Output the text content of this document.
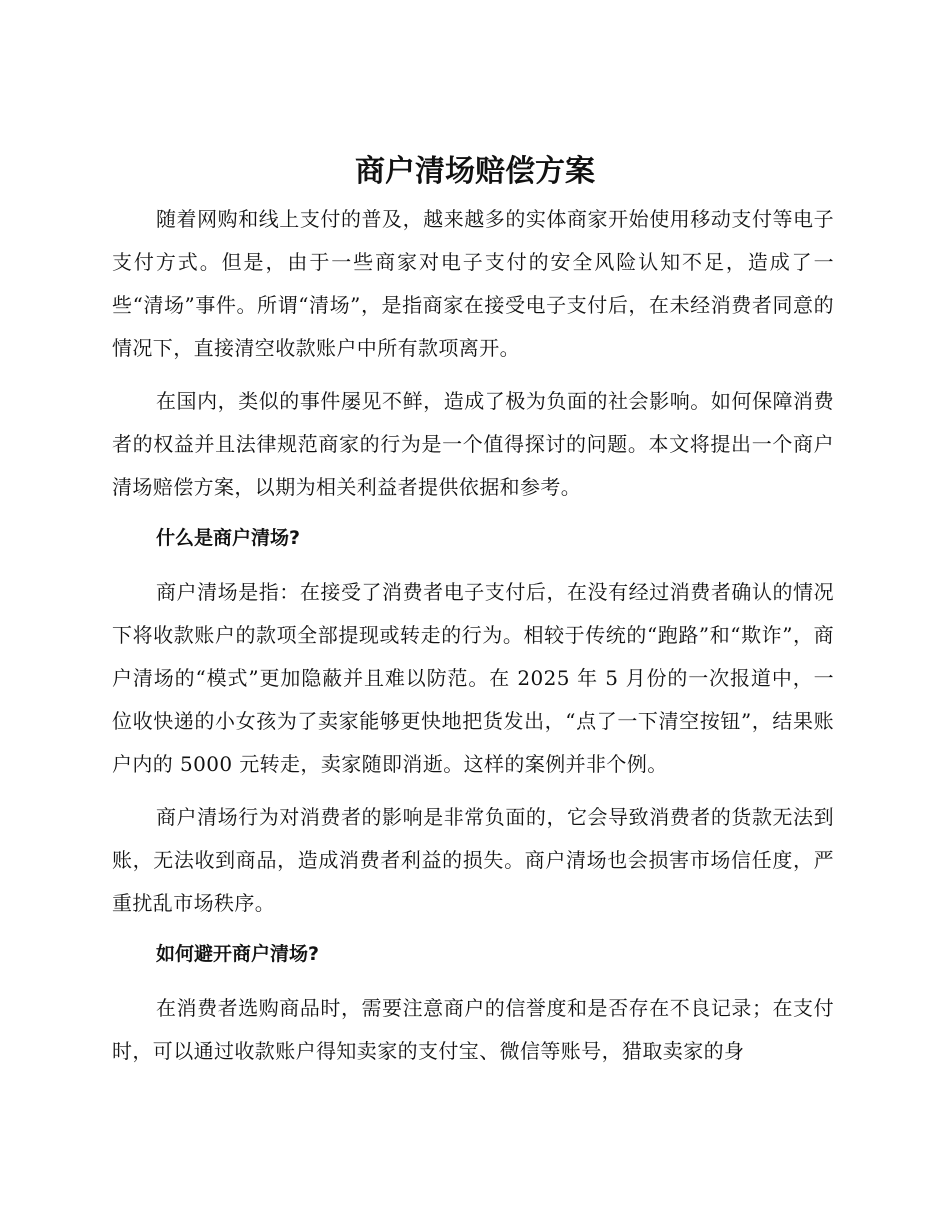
商户清场赔偿方案

随着网购和线上支付的普及，越来越多的实体商家开始使用移动支付等电子支付方式。但是，由于一些商家对电子支付的安全风险认知不足，造成了一些“清场”事件。所谓“清场”，是指商家在接受电子支付后，在未经消费者同意的情况下，直接清空收款账户中所有款项离开。

在国内，类似的事件屡见不鲜，造成了极为负面的社会影响。如何保障消费者的权益并且法律规范商家的行为是一个值得探讨的问题。本文将提出一个商户清场赔偿方案，以期为相关利益者提供依据和参考。

什么是商户清场?

商户清场是指：在接受了消费者电子支付后，在没有经过消费者确认的情况下将收款账户的款项全部提现或转走的行为。相较于传统的“跑路”和“欺诈”，商户清场的“模式”更加隐蔽并且难以防范。在 2025 年 5 月份的一次报道中，一位收快递的小女孩为了卖家能够更快地把货发出，“点了一下清空按钮”，结果账户内的 5000 元转走，卖家随即消逝。这样的案例并非个例。

商户清场行为对消费者的影响是非常负面的，它会导致消费者的货款无法到账，无法收到商品，造成消费者利益的损失。商户清场也会损害市场信任度，严重扰乱市场秩序。

如何避开商户清场?

在消费者选购商品时，需要注意商户的信誉度和是否存在不良记录；在支付时，可以通过收款账户得知卖家的支付宝、微信等账号，猎取卖家的身
